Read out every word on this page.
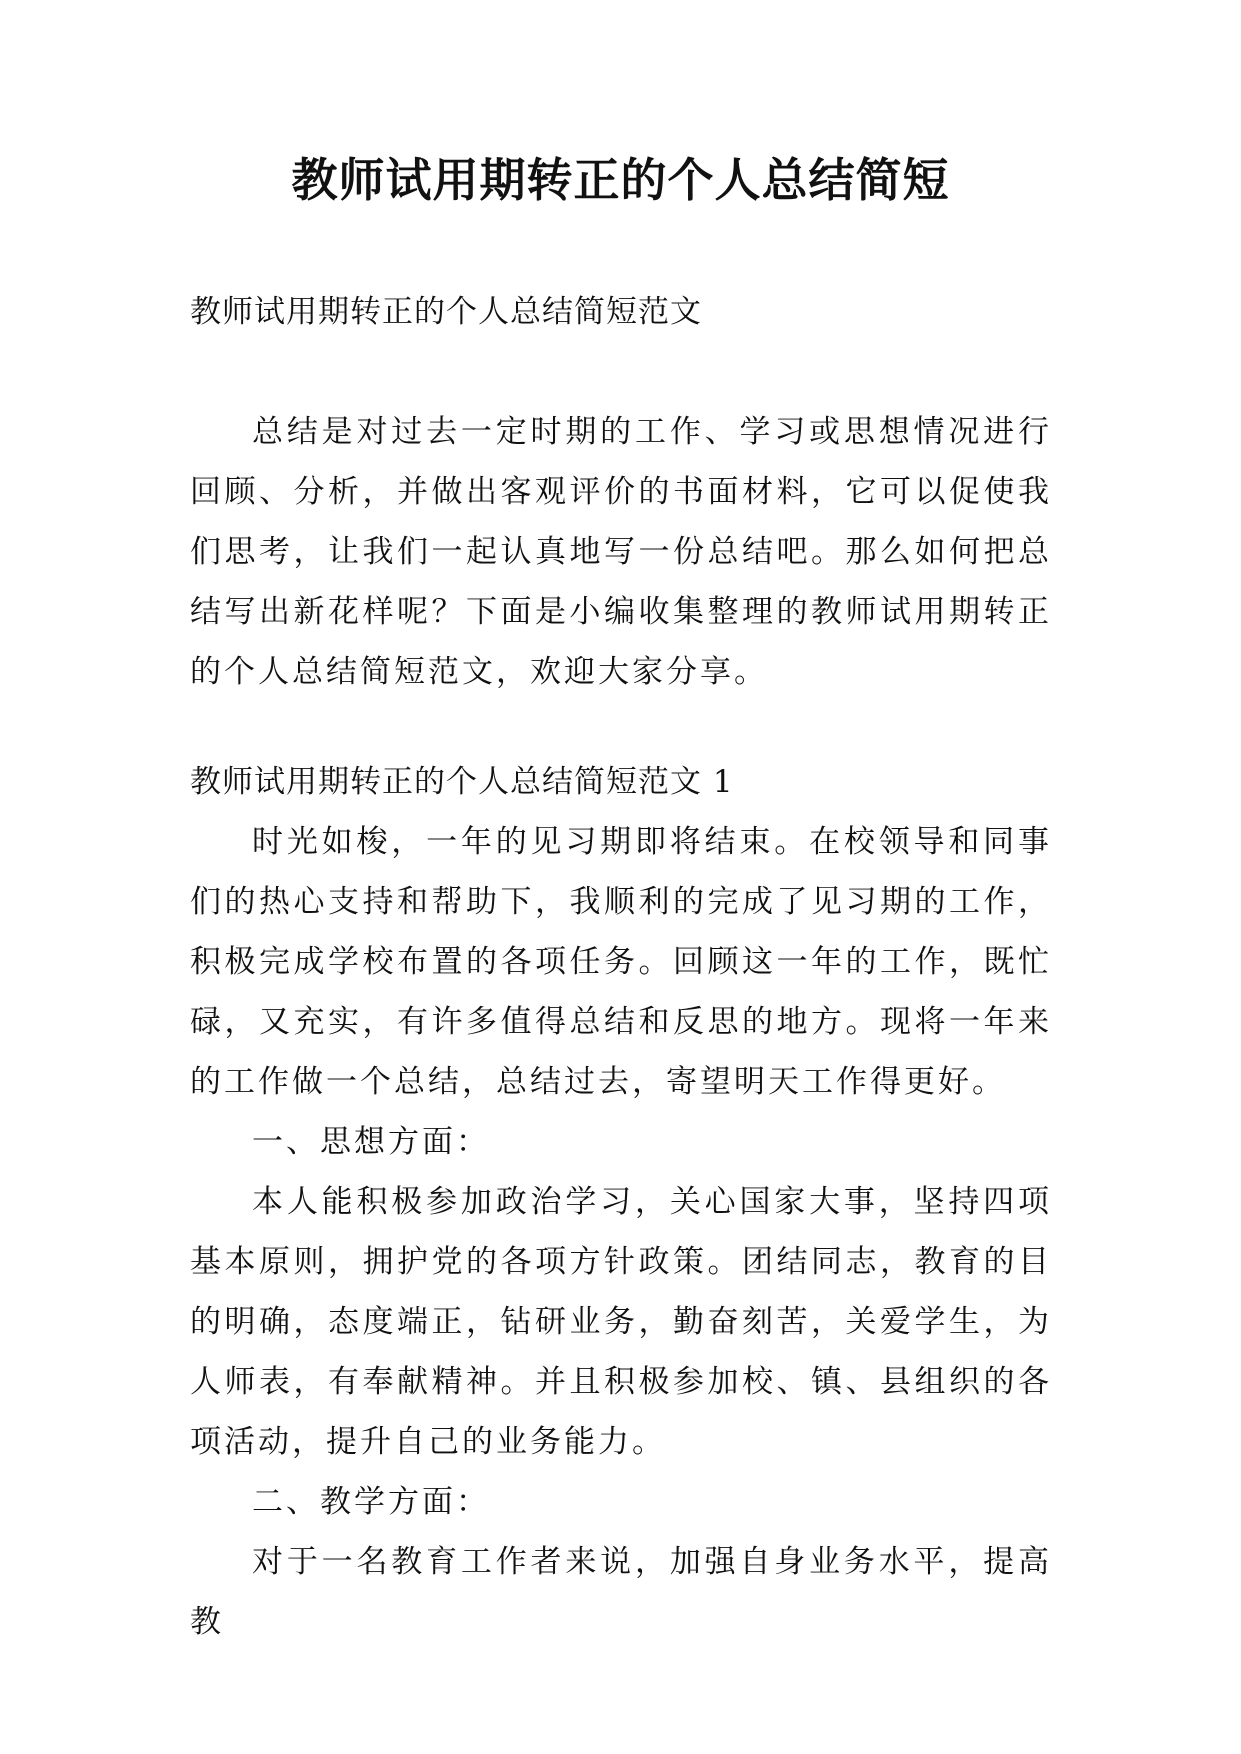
教师试用期转正的个人总结简短
教师试用期转正的个人总结简短范文

总结是对过去一定时期的工作、学习或思想情况进行回顾、分析，并做出客观评价的书面材料，它可以促使我们思考，让我们一起认真地写一份总结吧。那么如何把总结写出新花样呢？下面是小编收集整理的教师试用期转正的个人总结简短范文，欢迎大家分享。

教师试用期转正的个人总结简短范文 1

时光如梭，一年的见习期即将结束。在校领导和同事们的热心支持和帮助下，我顺利的完成了见习期的工作，积极完成学校布置的各项任务。回顾这一年的工作，既忙碌，又充实，有许多值得总结和反思的地方。现将一年来的工作做一个总结，总结过去，寄望明天工作得更好。

一、思想方面：

本人能积极参加政治学习，关心国家大事，坚持四项基本原则，拥护党的各项方针政策。团结同志，教育的目的明确，态度端正，钻研业务，勤奋刻苦，关爱学生，为人师表，有奉献精神。并且积极参加校、镇、县组织的各项活动，提升自己的业务能力。

二、教学方面：

对于一名教育工作者来说，加强自身业务水平，提高教
